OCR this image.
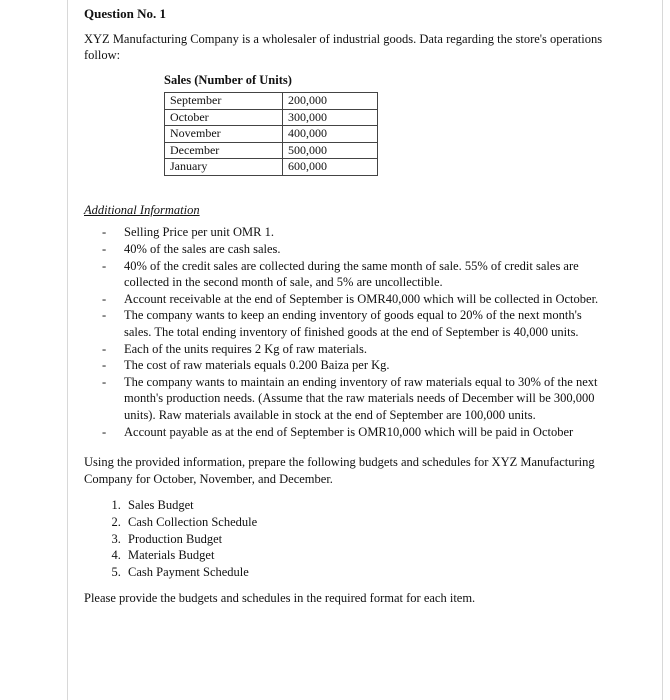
Question No. 1

XYZ Manufacturing Company is a wholesaler of industrial goods. Data regarding the store's operations follow:

Sales (Number of Units)

September	200,000
October	300,000
November	400,000
December	500,000
January	600,000

Additional Information

- Selling Price per unit OMR 1.
- 40% of the sales are cash sales.
- 40% of the credit sales are collected during the same month of sale. 55% of credit sales are collected in the second month of sale, and 5% are uncollectible.
- Account receivable at the end of September is OMR40,000 which will be collected in October.
- The company wants to keep an ending inventory of goods equal to 20% of the next month's sales. The total ending inventory of finished goods at the end of September is 40,000 units.
- Each of the units requires 2 Kg of raw materials.
- The cost of raw materials equals 0.200 Baiza per Kg.
- The company wants to maintain an ending inventory of raw materials equal to 30% of the next month's production needs. (Assume that the raw materials needs of December will be 300,000 units). Raw materials available in stock at the end of September are 100,000 units.
- Account payable as at the end of September is OMR10,000 which will be paid in October

Using the provided information, prepare the following budgets and schedules for XYZ Manufacturing Company for October, November, and December.

1. Sales Budget
2. Cash Collection Schedule
3. Production Budget
4. Materials Budget
5. Cash Payment Schedule

Please provide the budgets and schedules in the required format for each item.
